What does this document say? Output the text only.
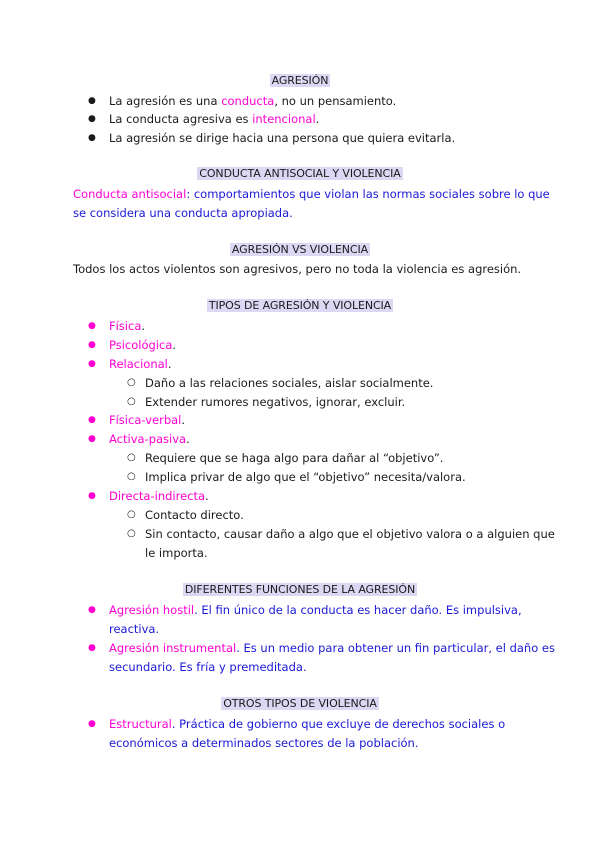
AGRESIÓN
● La agresión es una conducta, no un pensamiento.
● La conducta agresiva es intencional.
● La agresión se dirige hacia una persona que quiera evitarla.
CONDUCTA ANTISOCIAL Y VIOLENCIA
Conducta antisocial: comportamientos que violan las normas sociales sobre lo que
se considera una conducta apropiada.
AGRESIÓN VS VIOLENCIA
Todos los actos violentos son agresivos, pero no toda la violencia es agresión.
TIPOS DE AGRESIÓN Y VIOLENCIA
● Física.
● Psicológica.
● Relacional.
○ Daño a las relaciones sociales, aislar socialmente.
○ Extender rumores negativos, ignorar, excluir.
● Física-verbal.
● Activa-pasiva.
○ Requiere que se haga algo para dañar al “objetivo”.
○ Implica privar de algo que el “objetivo” necesita/valora.
● Directa-indirecta.
○ Contacto directo.
○ Sin contacto, causar daño a algo que el objetivo valora o a alguien que
le importa.
DIFERENTES FUNCIONES DE LA AGRESIÓN
● Agresión hostil. El fin único de la conducta es hacer daño. Es impulsiva,
reactiva.
● Agresión instrumental. Es un medio para obtener un fin particular, el daño es
secundario. Es fría y premeditada.
OTROS TIPOS DE VIOLENCIA
● Estructural. Práctica de gobierno que excluye de derechos sociales o
económicos a determinados sectores de la población.
